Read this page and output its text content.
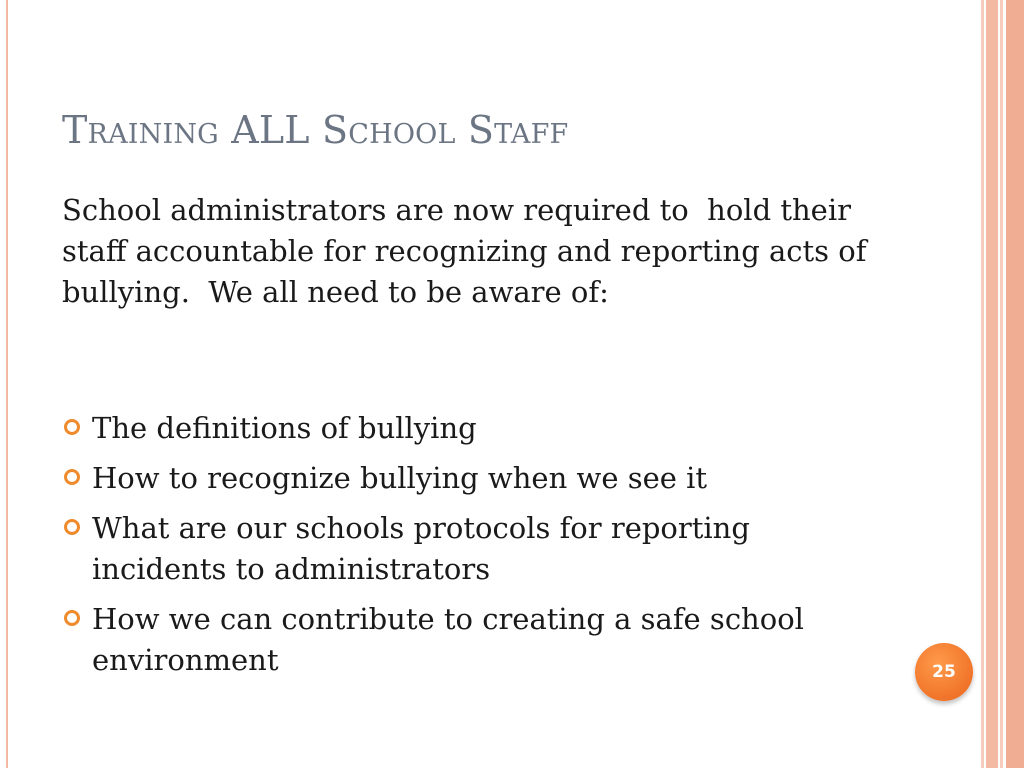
Training ALL School Staff

School administrators are now required to  hold their staff accountable for recognizing and reporting acts of bullying.  We all need to be aware of:

The definitions of bullying
How to recognize bullying when we see it
What are our schools protocols for reporting incidents to administrators
How we can contribute to creating a safe school environment	25
